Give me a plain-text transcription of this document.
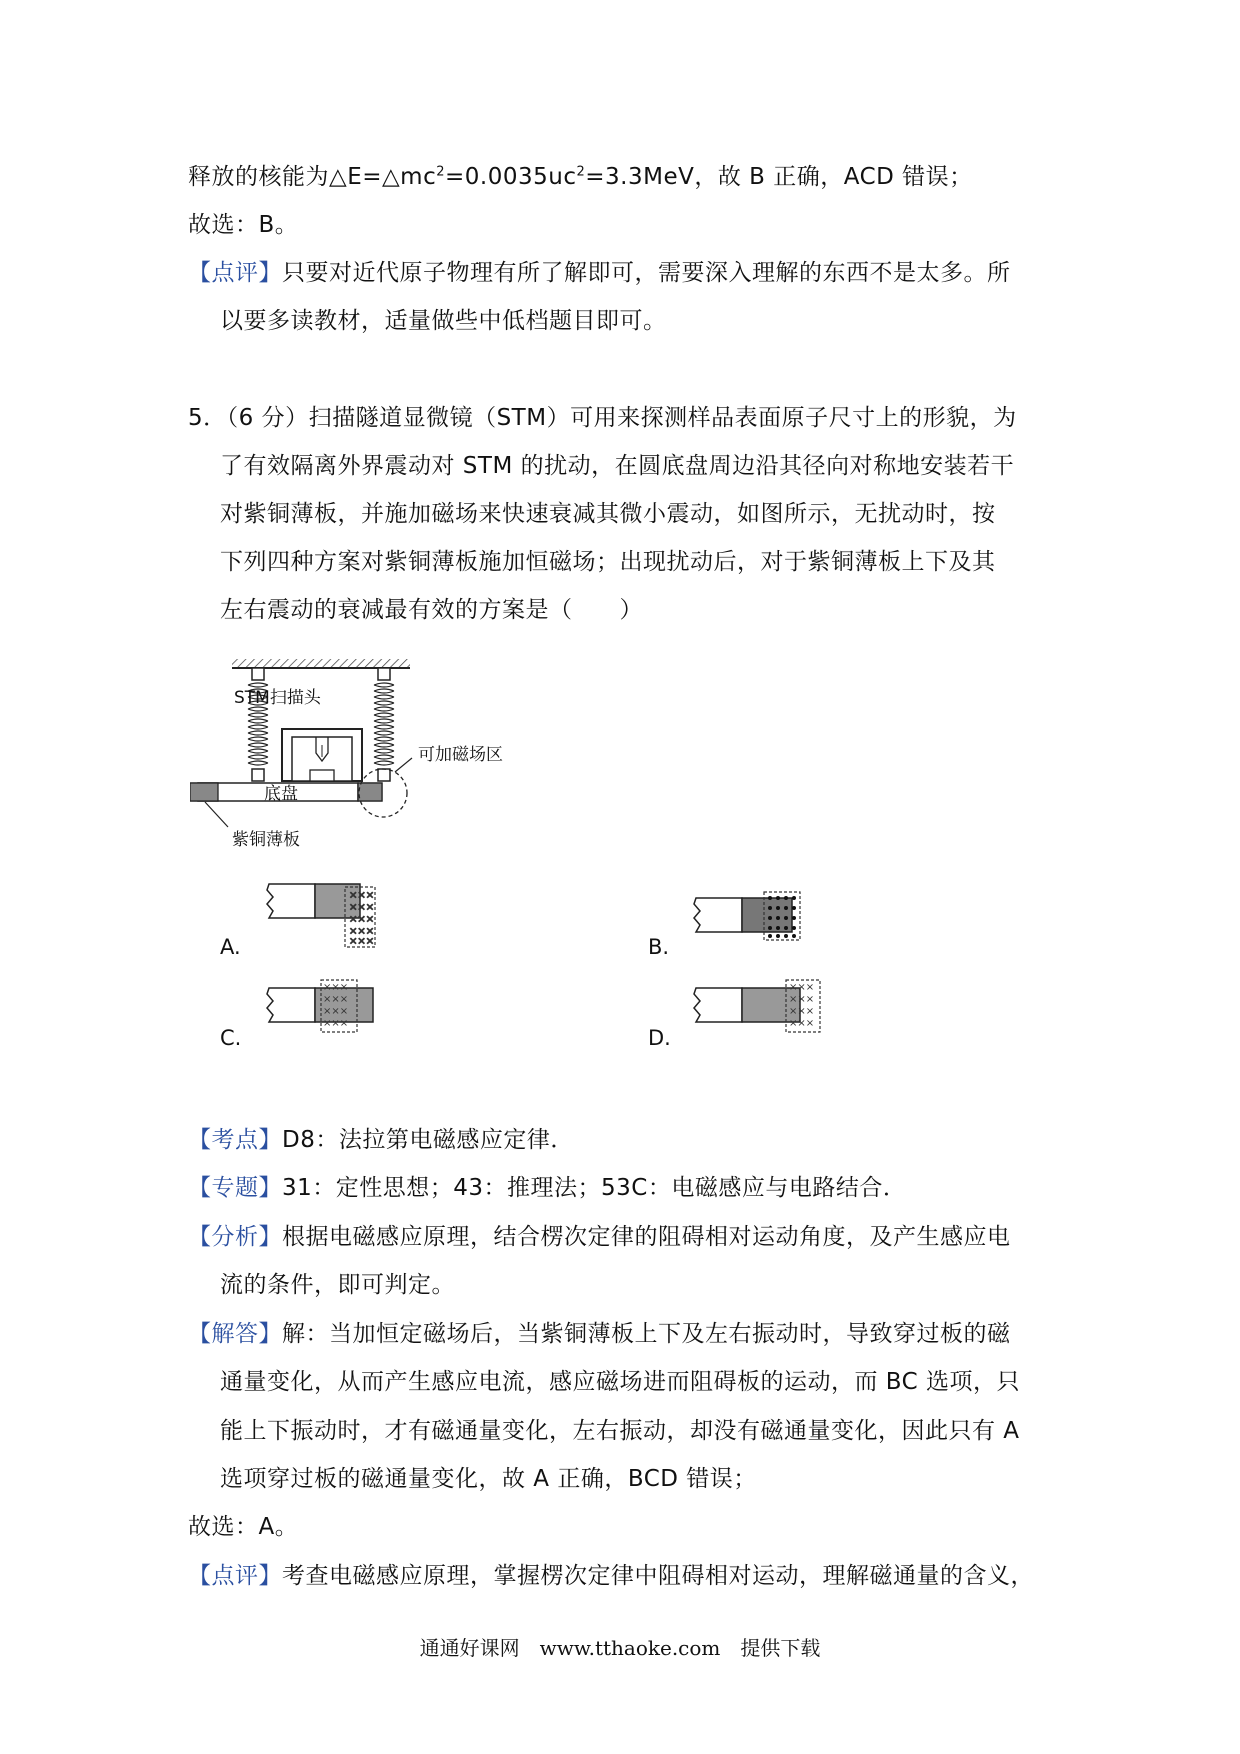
释放的核能为$\triangle E=\triangle mc^2=0.0035uc^2=3.3MeV$，故 B 正确，ACD 错误；
故选：B。
【点评】只要对近代原子物理有所了解即可，需要深入理解的东西不是太多。所
以要多读教材，适量做些中低档题目即可。
5．（6 分）扫描隧道显微镜（STM）可用来探测样品表面原子尺寸上的形貌，为
了有效隔离外界震动对 STM 的扰动，在圆底盘周边沿其径向对称地安装若干
对紫铜薄板，并施加磁场来快速衰减其微小震动，如图所示，无扰动时，按
下列四种方案对紫铜薄板施加恒磁场；出现扰动后，对于紫铜薄板上下及其
左右震动的衰减最有效的方案是（　　）
STM扫描头
可加磁场区
底盘
紫铜薄板
×××
×××
×××
×××
×××
A.	B.
×××
×××
×××
×××
C.
×××
×××
×××
×××
D.
【考点】D8：法拉第电磁感应定律．
【专题】31：定性思想；43：推理法；53C：电磁感应与电路结合．
【分析】根据电磁感应原理，结合楞次定律的阻碍相对运动角度，及产生感应电
流的条件，即可判定。
【解答】解：当加恒定磁场后，当紫铜薄板上下及左右振动时，导致穿过板的磁
通量变化，从而产生感应电流，感应磁场进而阻碍板的运动，而 BC 选项，只
能上下振动时，才有磁通量变化，左右振动，却没有磁通量变化，因此只有 A
选项穿过板的磁通量变化，故 A 正确，BCD 错误；
故选：A。
【点评】考查电磁感应原理，掌握楞次定律中阻碍相对运动，理解磁通量的含义，
通通好课网　www.tthaoke.com　提供下载
